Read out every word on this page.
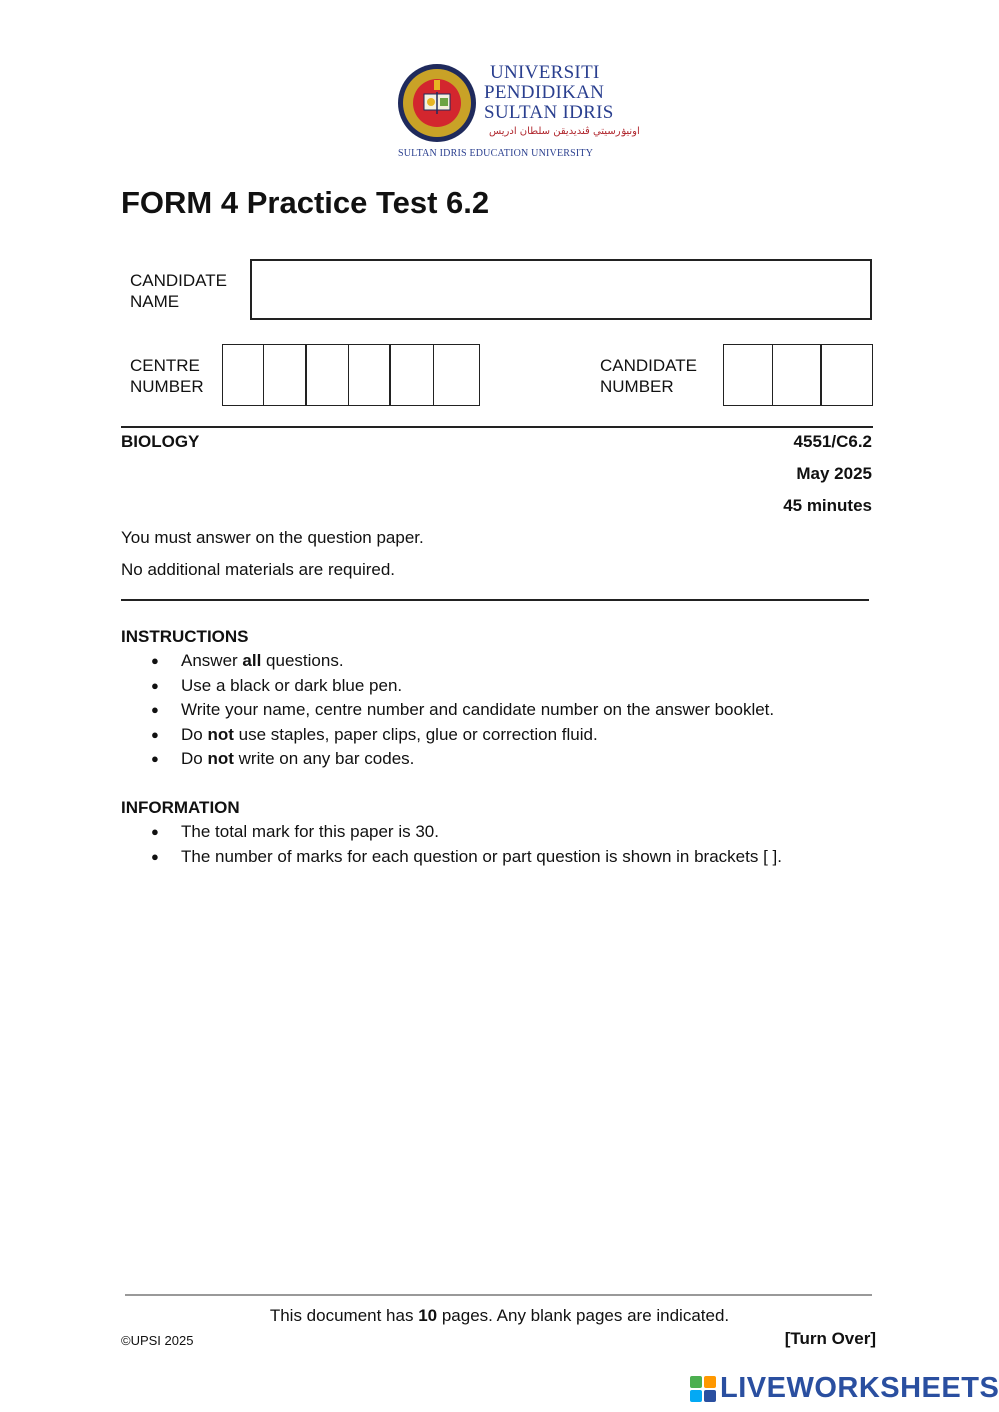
UNIVERSITI
PENDIDIKAN
SULTAN IDRIS
اونيۏرسيتي ڤنديديقن سلطان ادريس
SULTAN IDRIS EDUCATION UNIVERSITY
FORM 4 Practice Test 6.2
CANDIDATE
NAME
CENTRE
NUMBER
CANDIDATE
NUMBER
BIOLOGY	4551/C6.2
May 2025
45 minutes
You must answer on the question paper.
No additional materials are required.
INSTRUCTIONS
● Answer all questions.
● Use a black or dark blue pen.
● Write your name, centre number and candidate number on the answer booklet.
● Do not use staples, paper clips, glue or correction fluid.
● Do not write on any bar codes.
INFORMATION
● The total mark for this paper is 30.
● The number of marks for each question or part question is shown in brackets [ ].
This document has 10 pages. Any blank pages are indicated.
©UPSI 2025	[Turn Over]
LIVEWORKSHEETS
